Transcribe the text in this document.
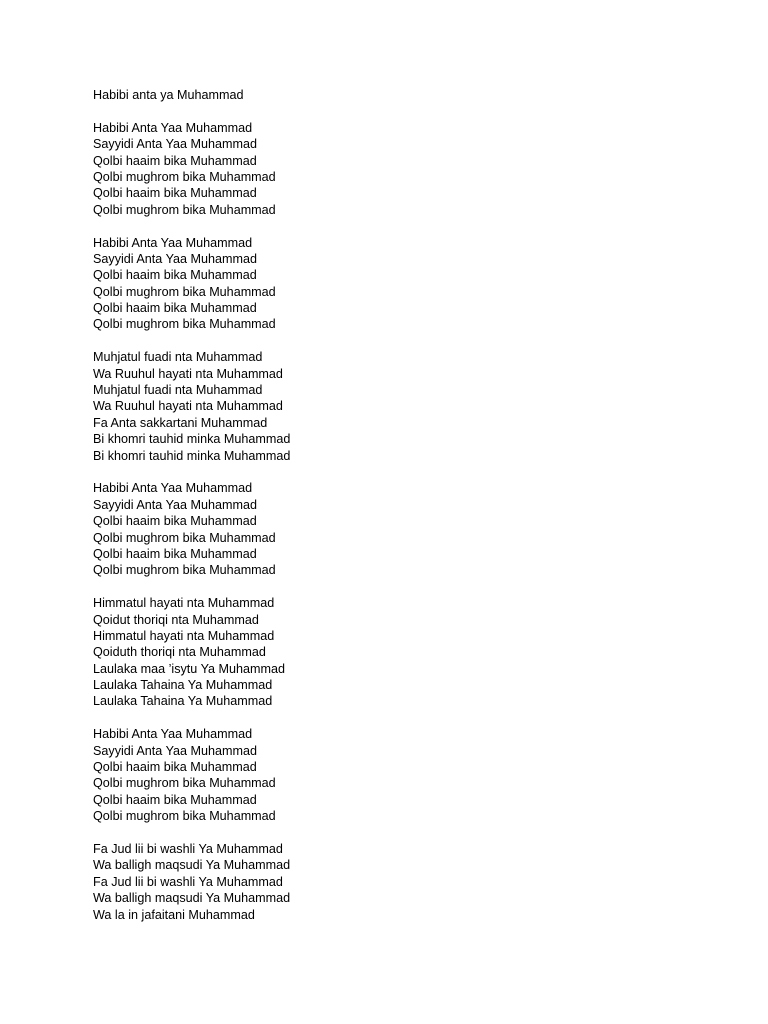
Habibi anta ya Muhammad
Habibi Anta Yaa Muhammad
Sayyidi Anta Yaa Muhammad
Qolbi haaim bika Muhammad
Qolbi mughrom bika Muhammad
Qolbi haaim bika Muhammad
Qolbi mughrom bika Muhammad
Habibi Anta Yaa Muhammad
Sayyidi Anta Yaa Muhammad
Qolbi haaim bika Muhammad
Qolbi mughrom bika Muhammad
Qolbi haaim bika Muhammad
Qolbi mughrom bika Muhammad
Muhjatul fuadi nta Muhammad
Wa Ruuhul hayati nta Muhammad
Muhjatul fuadi nta Muhammad
Wa Ruuhul hayati nta Muhammad
Fa Anta sakkartani Muhammad
Bi khomri tauhid minka Muhammad
Bi khomri tauhid minka Muhammad
Habibi Anta Yaa Muhammad
Sayyidi Anta Yaa Muhammad
Qolbi haaim bika Muhammad
Qolbi mughrom bika Muhammad
Qolbi haaim bika Muhammad
Qolbi mughrom bika Muhammad
Himmatul hayati nta Muhammad
Qoidut thoriqi nta Muhammad
Himmatul hayati nta Muhammad
Qoiduth thoriqi nta Muhammad
Laulaka maa ’isytu Ya Muhammad
Laulaka Tahaina Ya Muhammad
Laulaka Tahaina Ya Muhammad
Habibi Anta Yaa Muhammad
Sayyidi Anta Yaa Muhammad
Qolbi haaim bika Muhammad
Qolbi mughrom bika Muhammad
Qolbi haaim bika Muhammad
Qolbi mughrom bika Muhammad
Fa Jud lii bi washli Ya Muhammad
Wa balligh maqsudi Ya Muhammad
Fa Jud lii bi washli Ya Muhammad
Wa balligh maqsudi Ya Muhammad
Wa la in jafaitani Muhammad
